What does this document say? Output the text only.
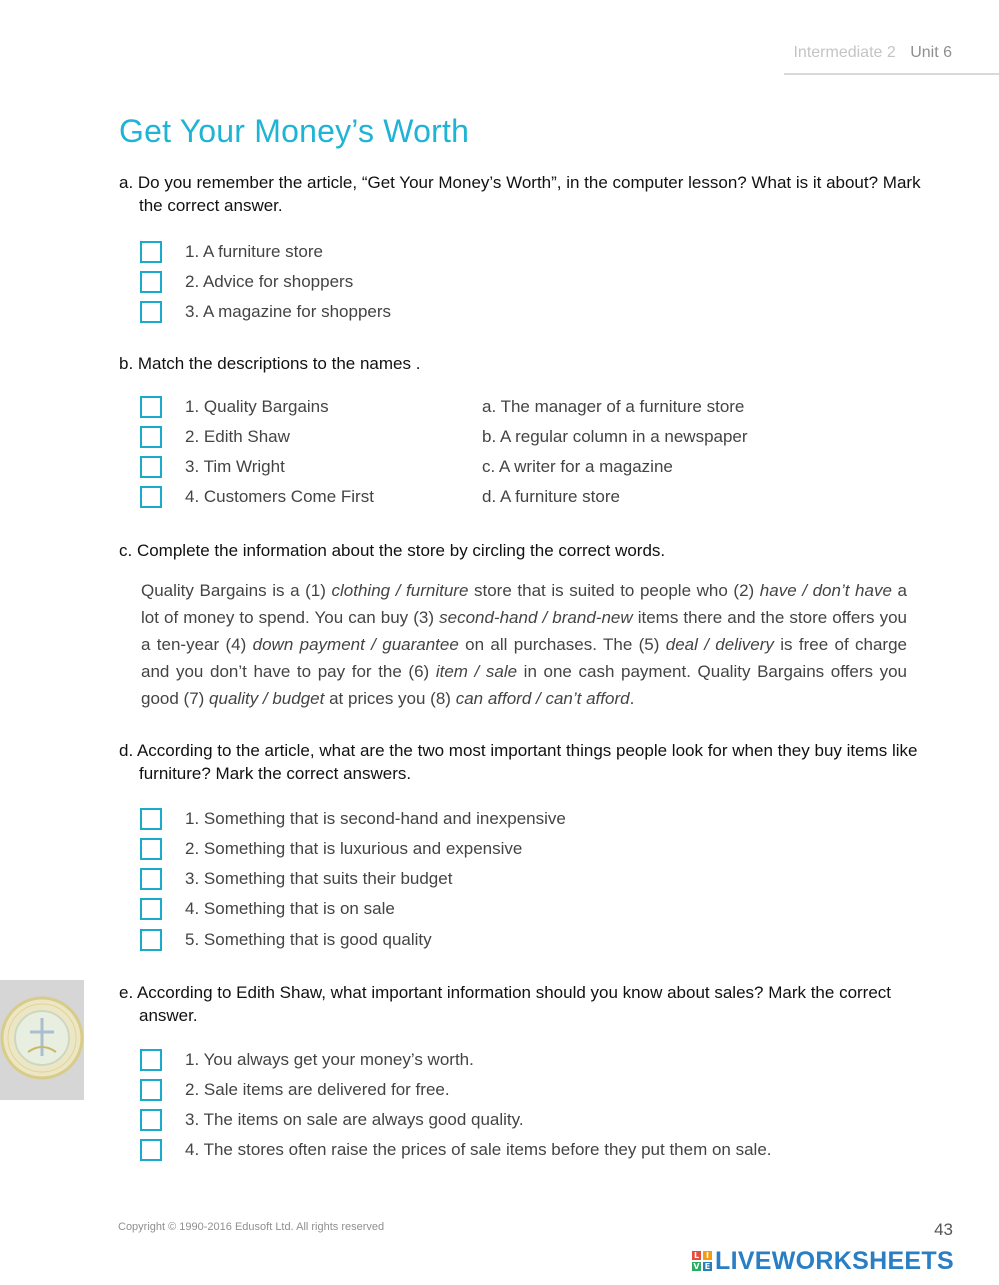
Intermediate 2 Unit 6
Get Your Money’s Worth

a. Do you remember the article, “Get Your Money’s Worth”, in the computer lesson? What is it about? Mark the correct answer.

1. A furniture store
2. Advice for shoppers
3. A magazine for shoppers

b. Match the descriptions to the names .

1. Quality Bargains	a. The manager of a furniture store
2. Edith Shaw	b. A regular column in a newspaper
3. Tim Wright	c. A writer for a magazine
4. Customers Come First	d. A furniture store

c. Complete the information about the store by circling the correct words.

Quality Bargains is a (1) clothing / furniture store that is suited to people who (2) have / don’t have a lot of money to spend. You can buy (3) second-hand / brand-new items there and the store offers you a ten-year (4) down payment / guarantee on all purchases. The (5) deal / delivery is free of charge and you don’t have to pay for the (6) item / sale in one cash payment. Quality Bargains offers you good (7) quality / budget at prices you (8) can afford / can’t afford.

d. According to the article, what are the two most important things people look for when they buy items like furniture? Mark the correct answers.

1. Something that is second-hand and inexpensive
2. Something that is luxurious and expensive
3. Something that suits their budget
4. Something that is on sale
5. Something that is good quality

e. According to Edith Shaw, what important information should you know about sales? Mark the correct answer.

1. You always get your money’s worth.
2. Sale items are delivered for free.
3. The items on sale are always good quality.
4. The stores often raise the prices of sale items before they put them on sale.
Copyright © 1990-2016 Edusoft Ltd. All rights reserved	43
L I
V E LIVEWORKSHEETS
